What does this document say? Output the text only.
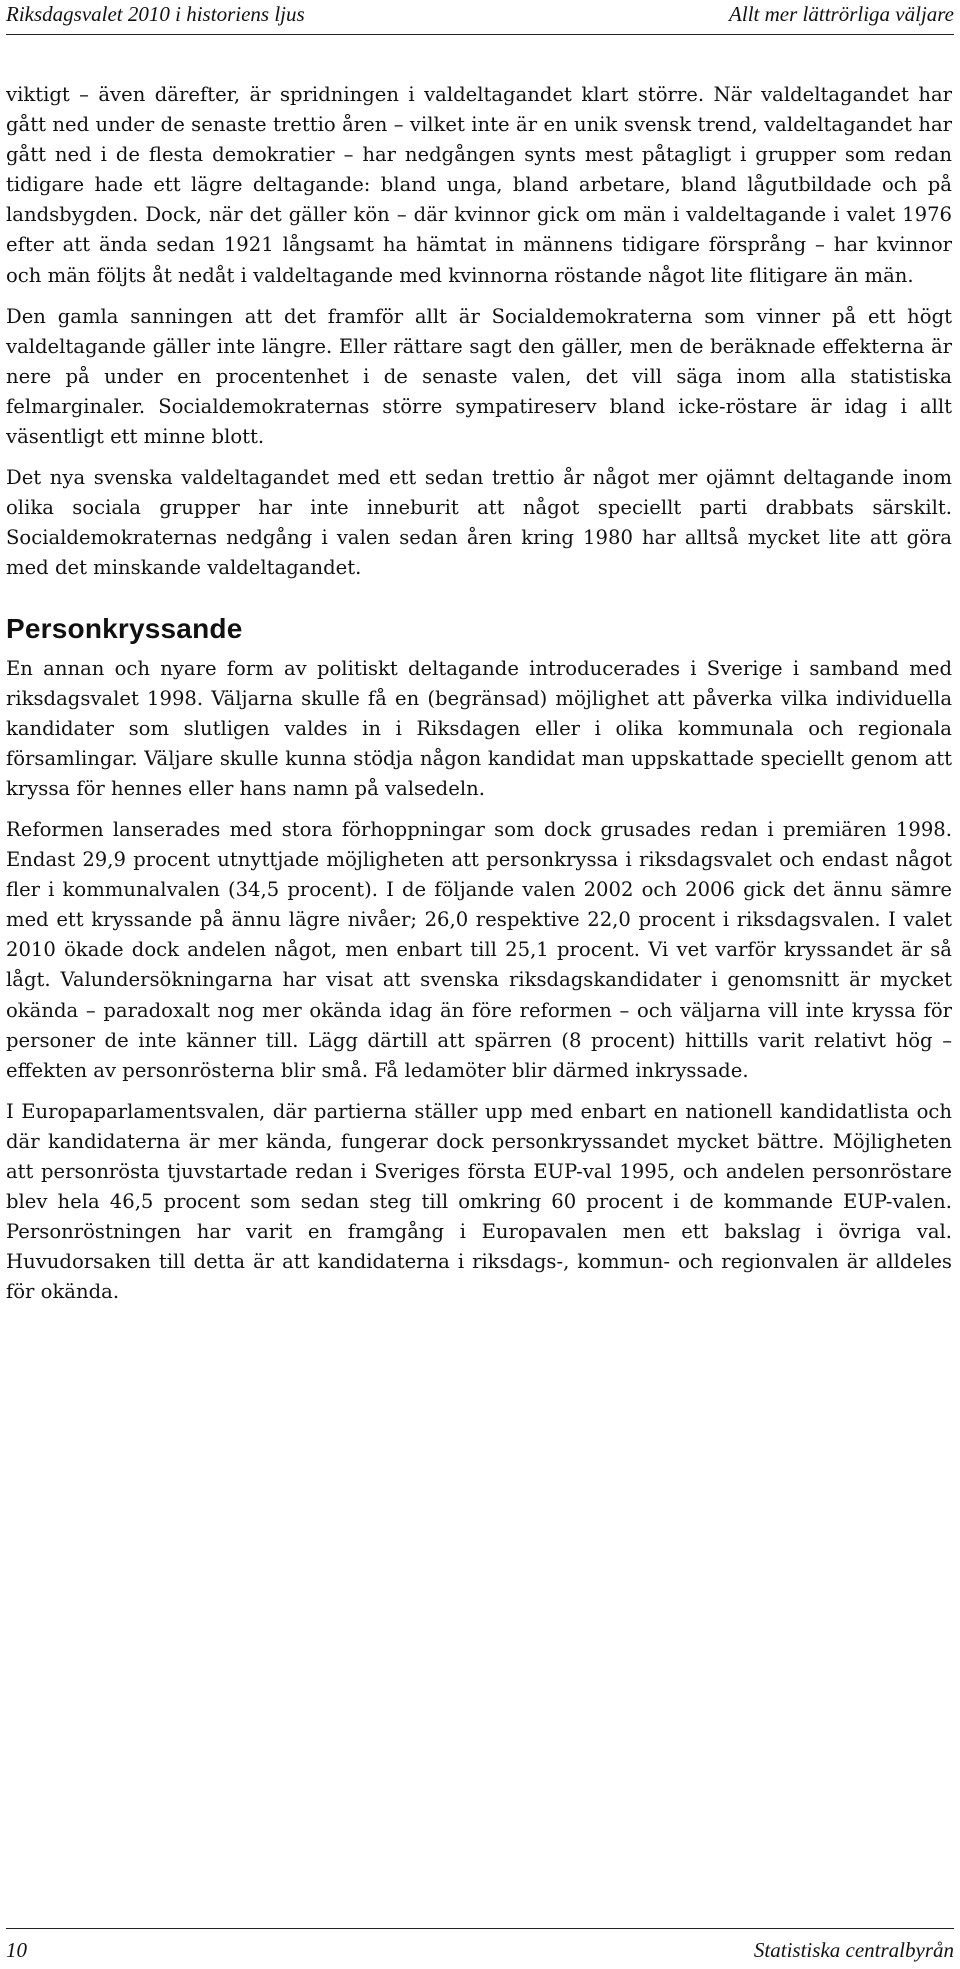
Riksdagsvalet 2010 i historiens ljus	Allt mer lättrörliga väljare

viktigt – även därefter, är spridningen i valdeltagandet klart större. När valdeltagandet har gått ned under de senaste trettio åren – vilket inte är en unik svensk trend, valdeltagandet har gått ned i de flesta demokratier – har nedgången synts mest påtagligt i grupper som redan tidigare hade ett lägre deltagande: bland unga, bland arbetare, bland lågutbildade och på landsbygden. Dock, när det gäller kön – där kvinnor gick om män i valdeltagande i valet 1976 efter att ända sedan 1921 långsamt ha hämtat in männens tidigare försprång – har kvinnor och män följts åt nedåt i valdeltagande med kvinnorna röstande något lite flitigare än män.

Den gamla sanningen att det framför allt är Socialdemokraterna som vinner på ett högt valdeltagande gäller inte längre. Eller rättare sagt den gäller, men de beräknade effekterna är nere på under en procentenhet i de senaste valen, det vill säga inom alla statistiska felmarginaler. Socialdemokraternas större sympatireserv bland icke-röstare är idag i allt väsentligt ett minne blott.

Det nya svenska valdeltagandet med ett sedan trettio år något mer ojämnt deltagande inom olika sociala grupper har inte inneburit att något speciellt parti drabbats särskilt. Socialdemokraternas nedgång i valen sedan åren kring 1980 har alltså mycket lite att göra med det minskande valdeltagandet.

Personkryssande

En annan och nyare form av politiskt deltagande introducerades i Sverige i samband med riksdagsvalet 1998. Väljarna skulle få en (begränsad) möjlighet att påverka vilka individuella kandidater som slutligen valdes in i Riksdagen eller i olika kommunala och regionala församlingar. Väljare skulle kunna stödja någon kandidat man uppskattade speciellt genom att kryssa för hennes eller hans namn på valsedeln.

Reformen lanserades med stora förhoppningar som dock grusades redan i premiären 1998. Endast 29,9 procent utnyttjade möjligheten att personkryssa i riksdagsvalet och endast något fler i kommunalvalen (34,5 procent). I de följande valen 2002 och 2006 gick det ännu sämre med ett kryssande på ännu lägre nivåer; 26,0 respektive 22,0 procent i riksdagsvalen. I valet 2010 ökade dock andelen något, men enbart till 25,1 procent. Vi vet varför kryssandet är så lågt. Valundersökningarna har visat att svenska riksdagskandidater i genomsnitt är mycket okända – paradoxalt nog mer okända idag än före reformen – och väljarna vill inte kryssa för personer de inte känner till. Lägg därtill att spärren (8 procent) hittills varit relativt hög – effekten av personrösterna blir små. Få ledamöter blir därmed inkryssade.

I Europaparlamentsvalen, där partierna ställer upp med enbart en nationell kandidatlista och där kandidaterna är mer kända, fungerar dock personkryssandet mycket bättre. Möjligheten att personrösta tjuvstartade redan i Sveriges första EUP-val 1995, och andelen personröstare blev hela 46,5 procent som sedan steg till omkring 60 procent i de kommande EUP-valen. Personröstningen har varit en framgång i Europavalen men ett bakslag i övriga val. Huvudorsaken till detta är att kandidaterna i riksdags-, kommun- och regionvalen är alldeles för okända.

10	Statistiska centralbyrån
